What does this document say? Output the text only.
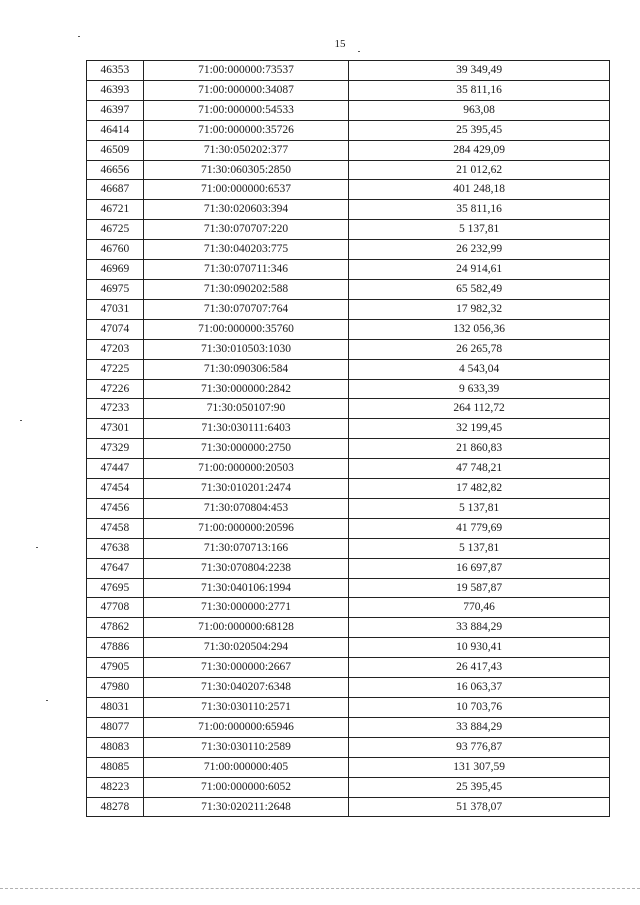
15
46353	71:00:000000:73537	39 349,49
46393	71:00:000000:34087	35 811,16
46397	71:00:000000:54533	963,08
46414	71:00:000000:35726	25 395,45
46509	71:30:050202:377	284 429,09
46656	71:30:060305:2850	21 012,62
46687	71:00:000000:6537	401 248,18
46721	71:30:020603:394	35 811,16
46725	71:30:070707:220	5 137,81
46760	71:30:040203:775	26 232,99
46969	71:30:070711:346	24 914,61
46975	71:30:090202:588	65 582,49
47031	71:30:070707:764	17 982,32
47074	71:00:000000:35760	132 056,36
47203	71:30:010503:1030	26 265,78
47225	71:30:090306:584	4 543,04
47226	71:30:000000:2842	9 633,39
47233	71:30:050107:90	264 112,72
47301	71:30:030111:6403	32 199,45
47329	71:30:000000:2750	21 860,83
47447	71:00:000000:20503	47 748,21
47454	71:30:010201:2474	17 482,82
47456	71:30:070804:453	5 137,81
47458	71:00:000000:20596	41 779,69
47638	71:30:070713:166	5 137,81
47647	71:30:070804:2238	16 697,87
47695	71:30:040106:1994	19 587,87
47708	71:30:000000:2771	770,46
47862	71:00:000000:68128	33 884,29
47886	71:30:020504:294	10 930,41
47905	71:30:000000:2667	26 417,43
47980	71:30:040207:6348	16 063,37
48031	71:30:030110:2571	10 703,76
48077	71:00:000000:65946	33 884,29
48083	71:30:030110:2589	93 776,87
48085	71:00:000000:405	131 307,59
48223	71:00:000000:6052	25 395,45
48278	71:30:020211:2648	51 378,07
